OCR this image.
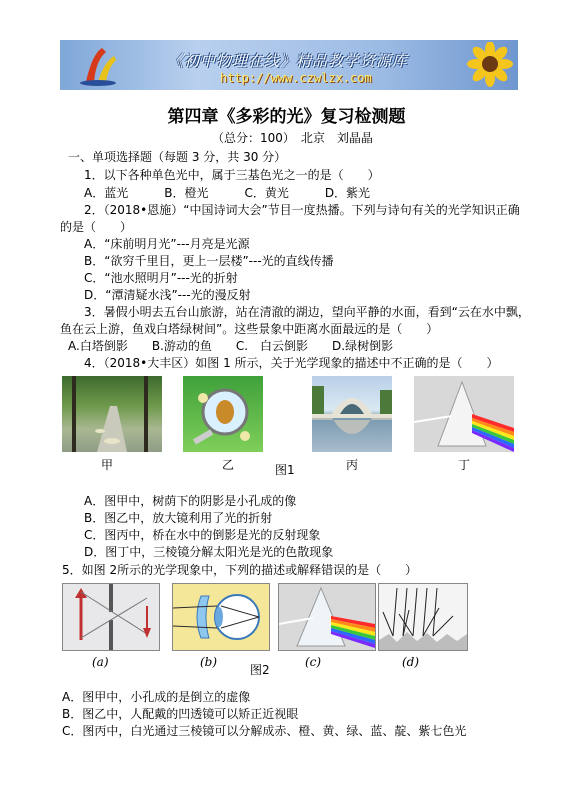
《初中物理在线》精品教学资源库
http://www.czwlzx.com
第四章《多彩的光》复习检测题
（总分：100）　北京　刘晶晶
一、单项选择题（每题 3 分，共 30 分）
1．以下各种单色光中，属于三基色光之一的是（　　）
A．蓝光　　　B．橙光　　　C．黄光　　　D．紫光
2．（2018•恩施）“中国诗词大会”节目一度热播。下列与诗句有关的光学知识正确
的是（　　）
A．“床前明月光”---月亮是光源
B．“欲穷千里目，更上一层楼”---光的直线传播
C．“池水照明月”---光的折射
D．“潭清疑水浅”---光的漫反射
3．暑假小明去五台山旅游，站在清澈的湖边，望向平静的水面，看到“云在水中飘，
鱼在云上游，鱼戏白塔绿树间”。这些景象中距离水面最远的是（　　）
A.白塔倒影　　B.游动的鱼　　C.　白云倒影　　D.绿树倒影
4．（2018•大丰区）如图 1 所示，关于光学现象的描述中不正确的是（　　）
甲	乙	图1	丙	丁
A．图甲中，树荫下的阴影是小孔成的像
B．图乙中，放大镜利用了光的折射
C．图丙中，桥在水中的倒影是光的反射现象
D．图丁中，三棱镜分解太阳光是光的色散现象
5．如图 2所示的光学现象中，下列的描述或解释错误的是（　　）
(a)	(b)
图2
(c)	(d)
A．图甲中，小孔成的是倒立的虚像
B．图乙中，人配戴的凹透镜可以矫正近视眼
C．图丙中，白光通过三棱镜可以分解成赤、橙、黄、绿、蓝、靛、紫七色光
